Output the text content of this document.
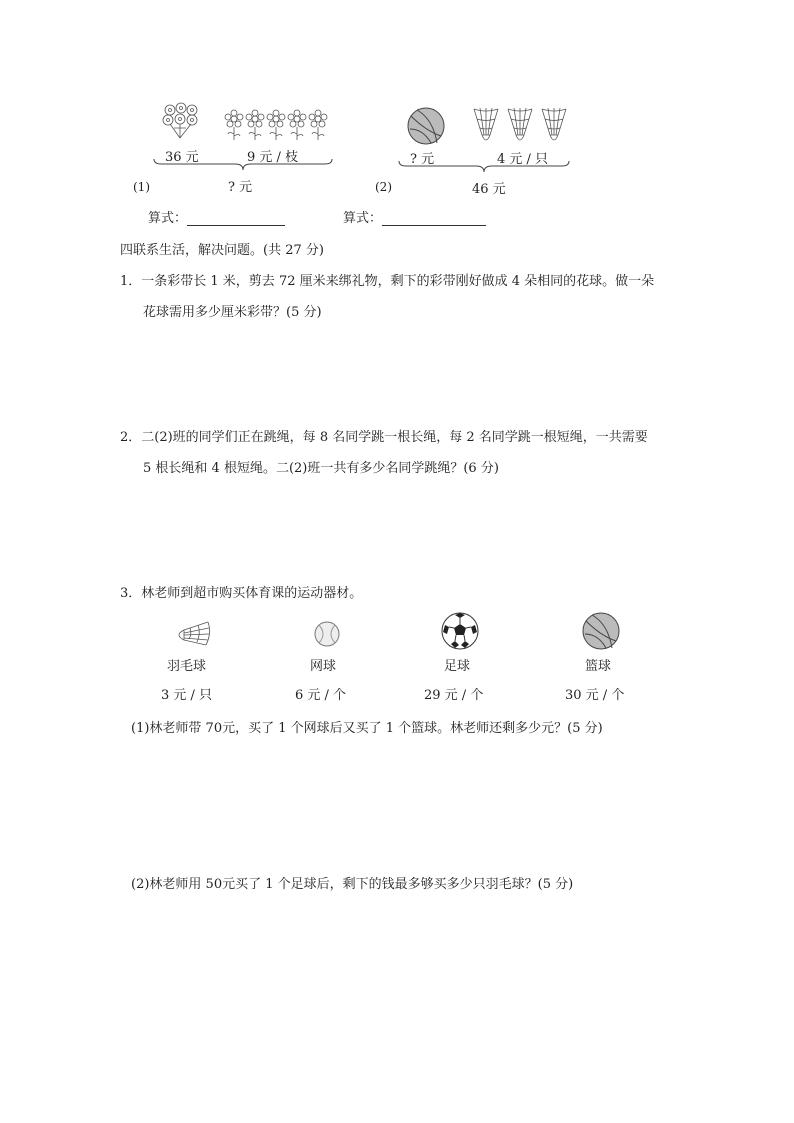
36 元	9 元 / 枝
? 元
(1)
? 元	4 元 / 只
46 元
(2)
算式：	算式：
四联系生活，解决问题。(共 27 分)
1．一条彩带长 1 米，剪去 72 厘米来绑礼物，剩下的彩带刚好做成 4 朵相同的花球。做一朵
花球需用多少厘米彩带？(5 分)
2．二(2)班的同学们正在跳绳，每 8 名同学跳一根长绳，每 2 名同学跳一根短绳，一共需要
5 根长绳和 4 根短绳。二(2)班一共有多少名同学跳绳？(6 分)
3．林老师到超市购买体育课的运动器材。
羽毛球	网球	足球	篮球
3 元 / 只	6 元 / 个	29 元 / 个	30 元 / 个
(1)林老师带 70元，买了 1 个网球后又买了 1 个篮球。林老师还剩多少元？(5 分)
(2)林老师用 50元买了 1 个足球后，剩下的钱最多够买多少只羽毛球？(5 分)
